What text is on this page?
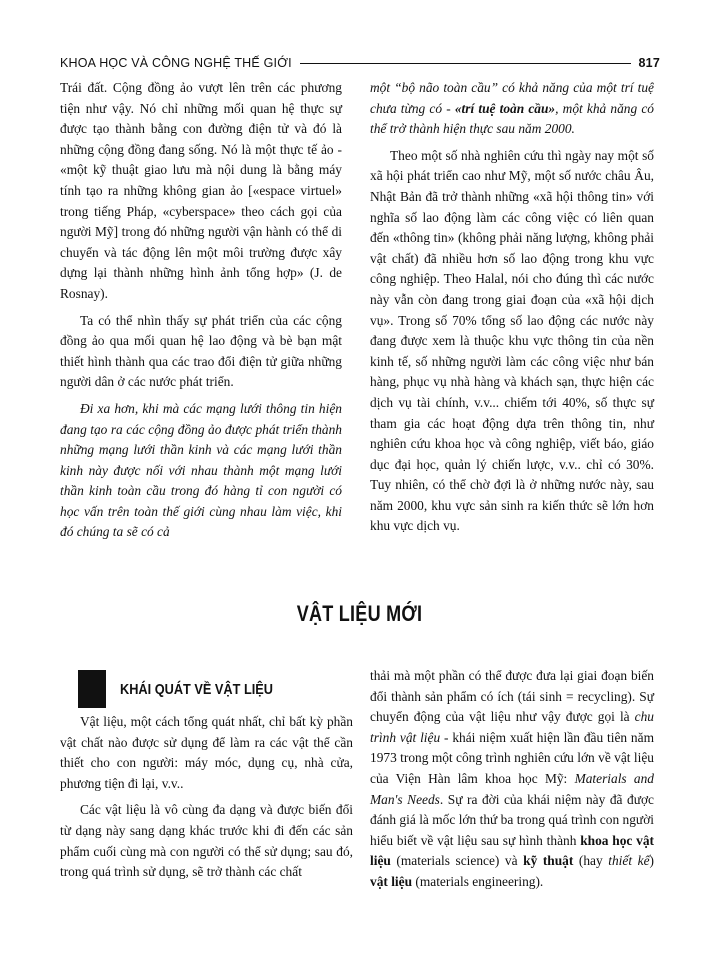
KHOA HỌC VÀ CÔNG NGHỆ THẾ GIỚI	817

Trái đất. Cộng đồng ảo vượt lên trên các phương tiện như vậy. Nó chỉ những mối quan hệ thực sự được tạo thành bằng con đường điện tử và đó là những cộng đồng đang sống. Nó là một thực tế ảo - «một kỹ thuật giao lưu mà nội dung là bằng máy tính tạo ra những không gian ảo [«espace virtuel» trong tiếng Pháp, «cyberspace» theo cách gọi của người Mỹ] trong đó những người vận hành có thể di chuyển và tác động lên một môi trường được xây dựng lại thành những hình ảnh tổng hợp» (J. de Rosnay).

Ta có thể nhìn thấy sự phát triển của các cộng đồng ảo qua mối quan hệ lao động và bè bạn mật thiết hình thành qua các trao đổi điện tử giữa những người dân ở các nước phát triển.

Đi xa hơn, khi mà các mạng lưới thông tin hiện đang tạo ra các cộng đồng ảo được phát triển thành những mạng lưới thần kinh và các mạng lưới thần kinh này được nối với nhau thành một mạng lưới thần kinh toàn cầu trong đó hàng tỉ con người có học vấn trên toàn thế giới cùng nhau làm việc, khi đó chúng ta sẽ có cả

một “bộ não toàn cầu” có khả năng của một trí tuệ chưa từng có - «trí tuệ toàn cầu», một khả năng có thể trở thành hiện thực sau năm 2000.

Theo một số nhà nghiên cứu thì ngày nay một số xã hội phát triển cao như Mỹ, một số nước châu Âu, Nhật Bản đã trở thành những «xã hội thông tin» với nghĩa số lao động làm các công việc có liên quan đến «thông tin» (không phải năng lượng, không phải vật chất) đã nhiều hơn số lao động trong khu vực công nghiệp. Theo Halal, nói cho đúng thì các nước này vẫn còn đang trong giai đoạn của «xã hội dịch vụ». Trong số 70% tổng số lao động các nước này đang được xem là thuộc khu vực thông tin của nền kinh tế, số những người làm các công việc như bán hàng, phục vụ nhà hàng và khách sạn, thực hiện các dịch vụ tài chính, v.v... chiếm tới 40%, số thực sự tham gia các hoạt động dựa trên thông tin, như nghiên cứu khoa học và công nghiệp, viết báo, giáo dục đại học, quản lý chiến lược, v.v.. chỉ có 30%. Tuy nhiên, có thể chờ đợi là ở những nước này, sau năm 2000, khu vực sản sinh ra kiến thức sẽ lớn hơn khu vực dịch vụ.

VẬT LIỆU MỚI
KHÁI QUÁT VỀ VẬT LIỆU

Vật liệu, một cách tổng quát nhất, chỉ bất kỳ phần vật chất nào được sử dụng để làm ra các vật thể cần thiết cho con người: máy móc, dụng cụ, nhà cửa, phương tiện đi lại, v.v..

Các vật liệu là vô cùng đa dạng và được biến đổi từ dạng này sang dạng khác trước khi đi đến các sản phẩm cuối cùng mà con người có thể sử dụng; sau đó, trong quá trình sử dụng, sẽ trở thành các chất

thải mà một phần có thể được đưa lại giai đoạn biến đổi thành sản phẩm có ích (tái sinh = recycling). Sự chuyển động của vật liệu như vậy được gọi là chu trình vật liệu - khái niệm xuất hiện lần đầu tiên năm 1973 trong một công trình nghiên cứu lớn về vật liệu của Viện Hàn lâm khoa học Mỹ: Materials and Man's Needs. Sự ra đời của khái niệm này đã được đánh giá là mốc lớn thứ ba trong quá trình con người hiểu biết về vật liệu sau sự hình thành khoa học vật liệu (materials science) và kỹ thuật (hay thiết kế) vật liệu (materials engineering).
